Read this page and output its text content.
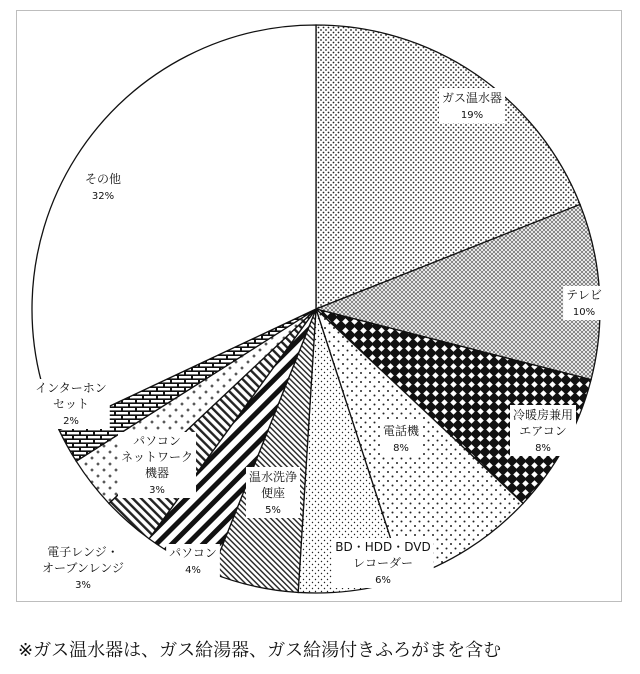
ガス温水器
19%
テレビ
10%
冷暖房兼用
エアコン
8%
電話機
8%
BD・HDD・DVD
レコーダー
6%
温水洗浄
便座
5%
パソコン
4%
電子レンジ・
オーブンレンジ
3%
パソコン
ネットワーク
機器
3%
インターホン
セット
2%
その他
32%
※ガス温水器は、ガス給湯器、ガス給湯付きふろがまを含む
